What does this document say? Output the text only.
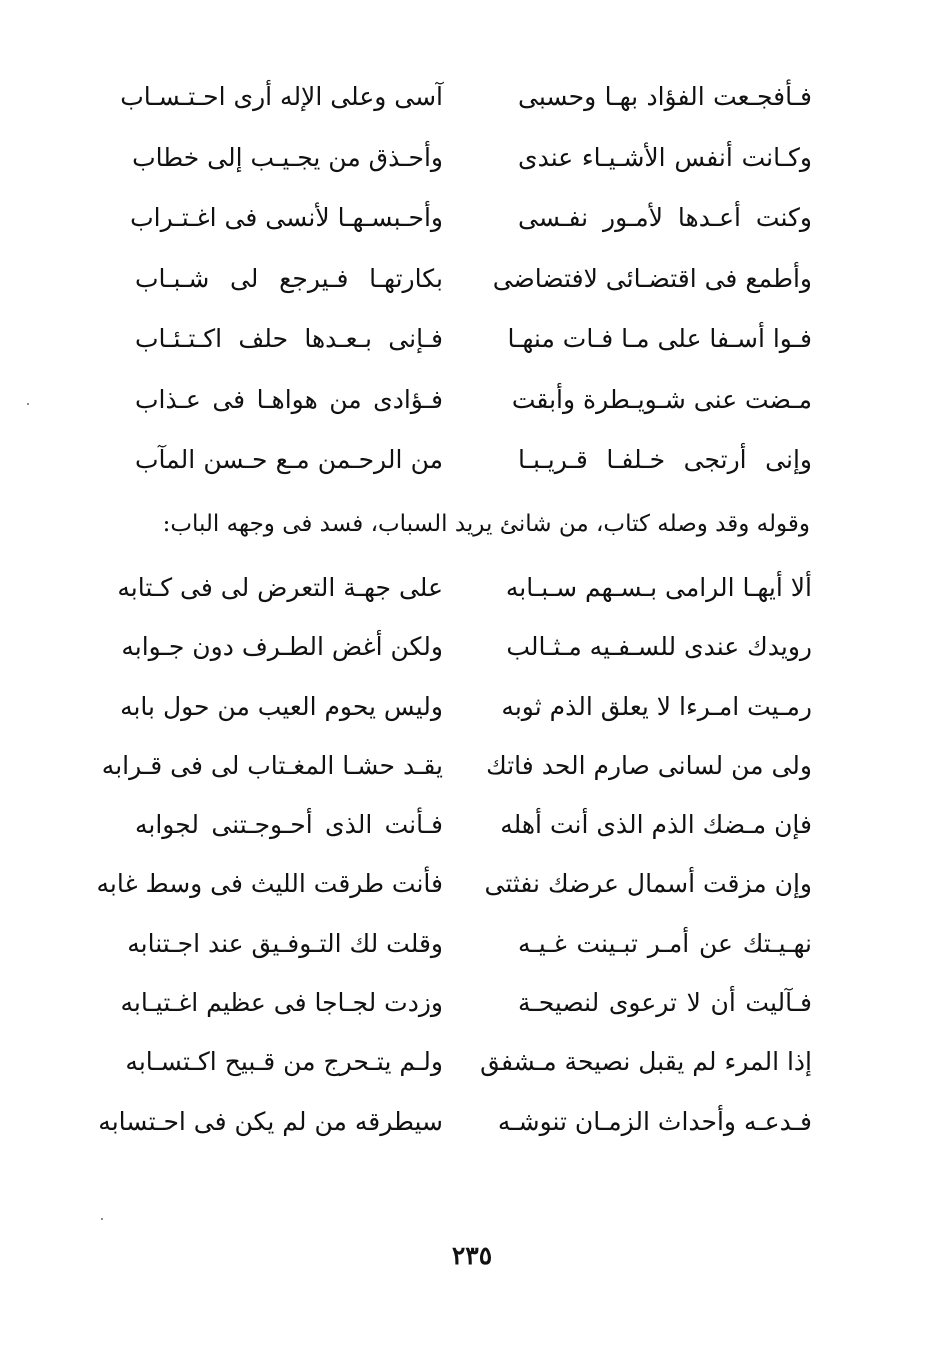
فـأفجـعت الفؤاد بهـا وحسبى
آسى وعلى الإله أرى احـتـسـاب
وكـانت أنفس الأشـيـاء عندى
وأحـذق من يجـيـب إلى خطاب
وكنت أعـدها لأمـور نفـسى
وأحـبسـهـا لأنسى فى اغـتـراب
وأطمع فى اقتضـائى لافتضاضى
بكارتهـا فـيرجع لى شـبـاب
فـوا أسـفا على مـا فـات منهـا
فـإنى بـعـدها حلف اكـتـئـاب
مـضت عنى شـويـطرة وأبقت
فـؤادى من هواهـا فى عـذاب
وإنى أرتجى خـلفـا قـريـبـا
من الرحـمن مـع حـسن المآب
وقوله وقد وصله كتاب، من شانئ يريد السباب، فسد فى وجهه الباب:
ألا أيهـا الرامى بـسـهم سـبـابه
على جهـة التعرض لى فى كـتابه
رويدك عندى للسـفـيه مـثـالب
ولكن أغض الطـرف دون جـوابه
رمـيت امـرءا لا يعلق الذم ثوبه
وليس يحوم العيب من حول بابه
ولى من لسانى صارم الحد فاتك
يقـد حشـا المغـتاب لى فى قـرابه
فإن مـضك الذم الذى أنت أهله
فـأنت الذى أحـوجـتنى لجوابه
وإن مزقت أسمال عرضك نفثتى
فأنت طرقت الليث فى وسط غابه
نهـيـتك عن أمـر تبـينت غـيـه
وقلت لك التـوفـيق عند اجـتنابه
فـآليت أن لا ترعوى لنصيحـة
وزدت لجـاجا فى عظيم اغـتيـابه
إذا المرء لم يقبل نصيحة مـشفق
ولـم يتـحرج من قـبيح اكـتسـابه
فـدعـه وأحداث الزمـان تنوشـه
سيطرقه من لم يكن فى احـتسابه
٢٣٥
